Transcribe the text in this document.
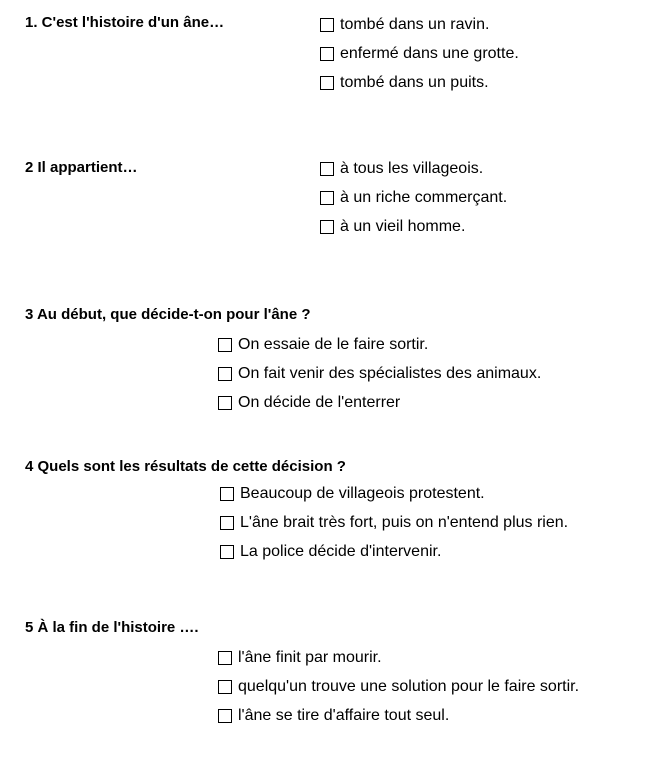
1. C'est l'histoire d'un âne…	tombé dans un ravin.
enfermé dans une grotte.
tombé dans un puits.
2 Il appartient…	à tous les villageois.
à un riche commerçant.
à un vieil homme.
3 Au début, que décide-t-on pour l'âne ?
On essaie de le faire sortir.
On fait venir des spécialistes des animaux.
On décide de l'enterrer
4 Quels sont les résultats de cette décision ?
Beaucoup de villageois protestent.
L'âne brait très fort, puis on n'entend plus rien.
La police décide d'intervenir.
5 À la fin de l'histoire ….
l'âne finit par mourir.
quelqu'un trouve une solution pour le faire sortir.
l'âne se tire d'affaire tout seul.
